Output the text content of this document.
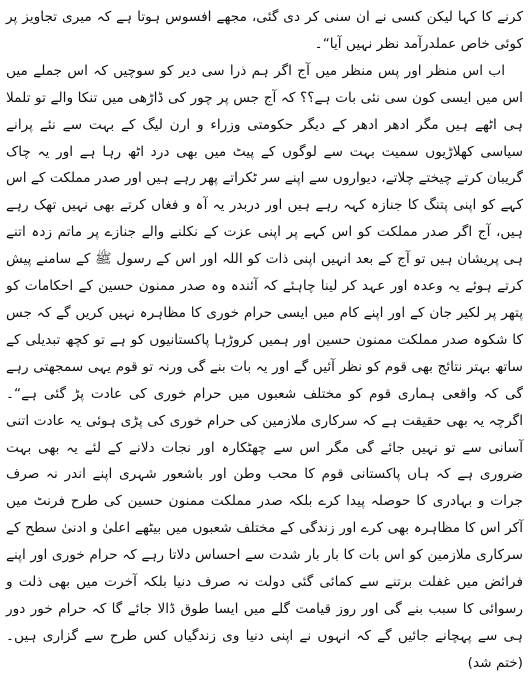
کرنے کا کہا لیکن کسی نے ان سنی کر دی گئی، مجھے افسوس ہوتا ہے کہ میری تجاویز پر کوئی خاص عملدرآمد نظر نہیں آیا“۔

اب اس منظر اور پس منظر میں آج اگر ہم ذرا سی دیر کو سوچیں کہ اس جملے میں اس میں ایسی کون سی نئی بات ہے؟؟ کہ آج جس پر چور کی ڈاڑھی میں تنکا والے تو تلملا ہی اٹھے ہیں مگر ادھر ادھر کے دیگر حکومتی وزراء و ارن لیگ کے بہت سے نئے پرانے سیاسی کھلاڑیوں سمیت بہت سے لوگوں کے پیٹ میں بھی درد اٹھ رہا ہے اور یہ چاک گریبان کرتے چیختے چلاتے، دیواروں سے اپنے سر ٹکراتے پھر رہے ہیں اور صدر مملکت کے اس کہے کو اپنی پتنگ کا جنازہ کہہ رہے ہیں اور دربدر یہ آہ و فغاں کرتے بھی نہیں تھک رہے ہیں، آج اگر صدر مملکت کو اس کہے پر اپنی عزت کے نکلنے والے جنازے پر ماتم زدہ اتنے ہی پریشان ہیں تو آج کے بعد انہیں اپنی ذات کو اللہ اور اس کے رسول ﷺ کے سامنے پیش کرتے ہوئے یہ وعدہ اور عہد کر لینا چاہئے کہ آئندہ وہ صدر ممنون حسین کے احکامات کو پتھر پر لکیر جان کے اور اپنے کام میں ایسی حرام خوری کا مظاہرہ نہیں کریں گے کہ جس کا شکوہ صدر مملکت ممنون حسین اور ہمیں کروڑہا پاکستانیوں کو ہے تو کچھ تبدیلی کے ساتھ بہتر نتائج بھی قوم کو نظر آئیں گے اور یہ بات بنے گی ورنہ تو قوم یہی سمجھتی رہے گی کہ واقعی ہماری قوم کو مختلف شعبوں میں حرام خوری کی عادت پڑ گئی ہے“۔ اگرچہ یہ بھی حقیقت ہے کہ سرکاری ملازمین کی حرام خوری کی پڑی ہوئی یہ عادت اتنی آسانی سے تو نہیں جائے گی مگر اس سے چھٹکارہ اور نجات دلانے کے لئے یہ بھی بہت ضروری ہے کہ ہاں پاکستانی قوم کا محب وطن اور باشعور شہری اپنے اندر نہ صرف جرات و بہادری کا حوصلہ پیدا کرے بلکہ صدر مملکت ممنون حسین کی طرح فرنٹ میں آکر اس کا مظاہرہ بھی کرے اور زندگی کے مختلف شعبوں میں بیٹھے اعلیٰ و ادنیٰ سطح کے سرکاری ملازمین کو اس بات کا بار بار شدت سے احساس دلاتا رہے کہ حرام خوری اور اپنے فرائض میں غفلت برتنے سے کمائی گئی دولت نہ صرف دنیا بلکہ آخرت میں بھی ذلت و رسوائی کا سبب بنے گی اور روز قیامت گلے میں ایسا طوق ڈالا جائے گا کہ حرام خور دور ہی سے پہچانے جائیں گے کہ انہوں نے اپنی دنیا وی زندگیاں کس طرح سے گزاری ہیں۔ (ختم شد)
